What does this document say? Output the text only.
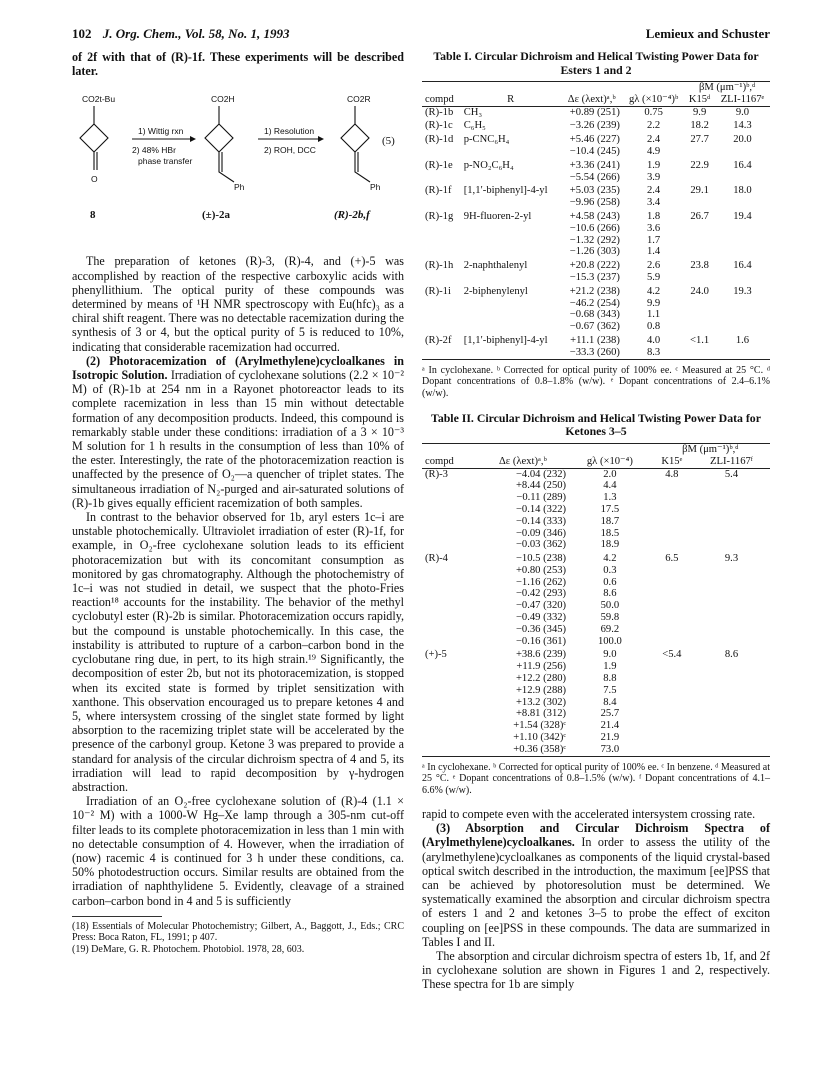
102 J. Org. Chem., Vol. 58, No. 1, 1993	Lemieux and Schuster

of 2f with that of (R)-1f. These experiments will be described later.

CO2t-Bu	CO2H	CO2R
1) Wittig rxn
2) 48% HBr
phase transfer
1) Resolution
2) ROH, DCC
(5)
O
Ph	Ph
8	(±)-2a	(R)-2b,f

The preparation of ketones (R)-3, (R)-4, and (+)-5 was accomplished by reaction of the respective carboxylic acids with phenyllithium. The optical purity of these compounds was determined by means of ¹H NMR spectroscopy with Eu(hfc)₃ as a chiral shift reagent. There was no detectable racemization during the synthesis of 3 or 4, but the optical purity of 5 is reduced to 10%, indicating that considerable racemization had occurred.

(2) Photoracemization of (Arylmethylene)cycloalkanes in Isotropic Solution. Irradiation of cyclohexane solutions (2.2 × 10⁻² M) of (R)-1b at 254 nm in a Rayonet photoreactor leads to its complete racemization in less than 15 min without detectable formation of any decomposition products. Indeed, this compound is remarkably stable under these conditions: irradiation of a 3 × 10⁻³ M solution for 1 h results in the consumption of less than 10% of the ester. Interestingly, the rate of the photoracemization reaction is unaffected by the presence of O₂—a quencher of triplet states. The simultaneous irradiation of N₂-purged and air-saturated solutions of (R)-1b gives equally efficient racemization of both samples.

In contrast to the behavior observed for 1b, aryl esters 1c–i are unstable photochemically. Ultraviolet irradiation of ester (R)-1f, for example, in O₂-free cyclohexane solution leads to its efficient photoracemization but with its concomitant consumption as monitored by gas chromatography. Although the photochemistry of 1c–i was not studied in detail, we suspect that the photo-Fries reaction¹⁸ accounts for the instability. The behavior of the methyl cyclobutyl ester (R)-2b is similar. Photoracemization occurs rapidly, but the compound is unstable photochemically. In this case, the instability is attributed to rupture of a carbon–carbon bond in the cyclobutane ring due, in pert, to its high strain.¹⁹ Significantly, the decomposition of ester 2b, but not its photoracemization, is stopped when its excited state is formed by triplet sensitization with xanthone. This observation encouraged us to prepare ketones 4 and 5, where intersystem crossing of the singlet state formed by light absorption to the racemizing triplet state will be accelerated by the presence of the carbonyl group. Ketone 3 was prepared to provide a standard for analysis of the circular dichroism spectra of 4 and 5, its irradiation will lead to rapid decomposition by γ-hydrogen abstraction.

Irradiation of an O₂-free cyclohexane solution of (R)-4 (1.1 × 10⁻² M) with a 1000-W Hg–Xe lamp through a 305-nm cut-off filter leads to its complete photoracemization in less than 1 min with no detectable consumption of 4. However, when the irradiation of (now) racemic 4 is continued for 3 h under these conditions, ca. 50% photodestruction occurs. Similar results are obtained from the irradiation of naphthylidene 5. Evidently, cleavage of a strained carbon–carbon bond in 4 and 5 is sufficiently

(18) Essentials of Molecular Photochemistry; Gilbert, A., Baggott, J., Eds.; CRC Press: Boca Raton, FL, 1991; p 407.

(19) DeMare, G. R. Photochem. Photobiol. 1978, 28, 603.

Table I. Circular Dichroism and Helical Twisting Power Data for Esters 1 and 2
				βM (μm⁻¹)ᵇ,ᵈ	
compd	R	Δε (λext)ᵃ,ᵇ	gλ (×10⁻⁴)ᵇ	K15ᵈ	ZLI-1167ᵉ
(R)-1b	CH₃	+0.89 (251)	0.75	9.9	9.0
(R)-1c	C₆H₅	−3.26 (239)	2.2	18.2	14.3
(R)-1d	p-CNC₆H₄	+5.46 (227)	2.4	27.7	20.0
		−10.4 (245)	4.9		
(R)-1e	p-NO₂C₆H₄	+3.36 (241)	1.9	22.9	16.4
		−5.54 (266)	3.9		
(R)-1f	[1,1′-biphenyl]-4-yl	+5.03 (235)	2.4	29.1	18.0
		−9.96 (258)	3.4		
(R)-1g	9H-fluoren-2-yl	+4.58 (243)	1.8	26.7	19.4
		−10.6 (266)	3.6		
		−1.32 (292)	1.7		
		−1.26 (303)	1.4		
(R)-1h	2-naphthalenyl	+20.8 (222)	2.6	23.8	16.4
		−15.3 (237)	5.9		
(R)-1i	2-biphenylenyl	+21.2 (238)	4.2	24.0	19.3
		−46.2 (254)	9.9		
		−0.68 (343)	1.1		
		−0.67 (362)	0.8		
(R)-2f	[1,1′-biphenyl]-4-yl	+11.1 (238)	4.0	<1.1	1.6
		−33.3 (260)	8.3		
ᵃ In cyclohexane. ᵇ Corrected for optical purity of 100% ee. ᶜ Measured at 25 °C. ᵈ Dopant concentrations of 0.8–1.8% (w/w). ᵉ Dopant concentrations of 2.4–6.1% (w/w).
Table II. Circular Dichroism and Helical Twisting Power Data for Ketones 3–5
			βM (μm⁻¹)ᵇ,ᵈ	
compd	Δε (λext)ᵃ,ᵇ	gλ (×10⁻⁴)	K15ᵉ	ZLI-1167ᶠ
(R)-3	−4.04 (232)	2.0	4.8	5.4
	+8.44 (250)	4.4		
	−0.11 (289)	1.3		
	−0.14 (322)	17.5		
	−0.14 (333)	18.7		
	−0.09 (346)	18.5		
	−0.03 (362)	18.9		
(R)-4	−10.5 (238)	4.2	6.5	9.3
	+0.80 (253)	0.3		
	−1.16 (262)	0.6		
	−0.42 (293)	8.6		
	−0.47 (320)	50.0		
	−0.49 (332)	59.8		
	−0.36 (345)	69.2		
	−0.16 (361)	100.0		
(+)-5	+38.6 (239)	9.0	<5.4	8.6
	+11.9 (256)	1.9		
	+12.2 (280)	8.8		
	+12.9 (288)	7.5		
	+13.2 (302)	8.4		
	+8.81 (312)	25.7		
	+1.54 (328)ᶜ	21.4		
	+1.10 (342)ᶜ	21.9		
	+0.36 (358)ᶜ	73.0		
ᵃ In cyclohexane. ᵇ Corrected for optical purity of 100% ee. ᶜ In benzene. ᵈ Measured at 25 °C. ᵉ Dopant concentrations of 0.8–1.5% (w/w). ᶠ Dopant concentrations of 4.1–6.6% (w/w).

rapid to compete even with the accelerated intersystem crossing rate.

(3) Absorption and Circular Dichroism Spectra of (Arylmethylene)cycloalkanes. In order to assess the utility of the (arylmethylene)cycloalkanes as components of the liquid crystal-based optical switch described in the introduction, the maximum [ee]PSS that can be achieved by photoresolution must be determined. We systematically examined the absorption and circular dichroism spectra of esters 1 and 2 and ketones 3–5 to probe the effect of exciton coupling on [ee]PSS in these compounds. The data are summarized in Tables I and II.

The absorption and circular dichroism spectra of esters 1b, 1f, and 2f in cyclohexane solution are shown in Figures 1 and 2, respectively. These spectra for 1b are simply
